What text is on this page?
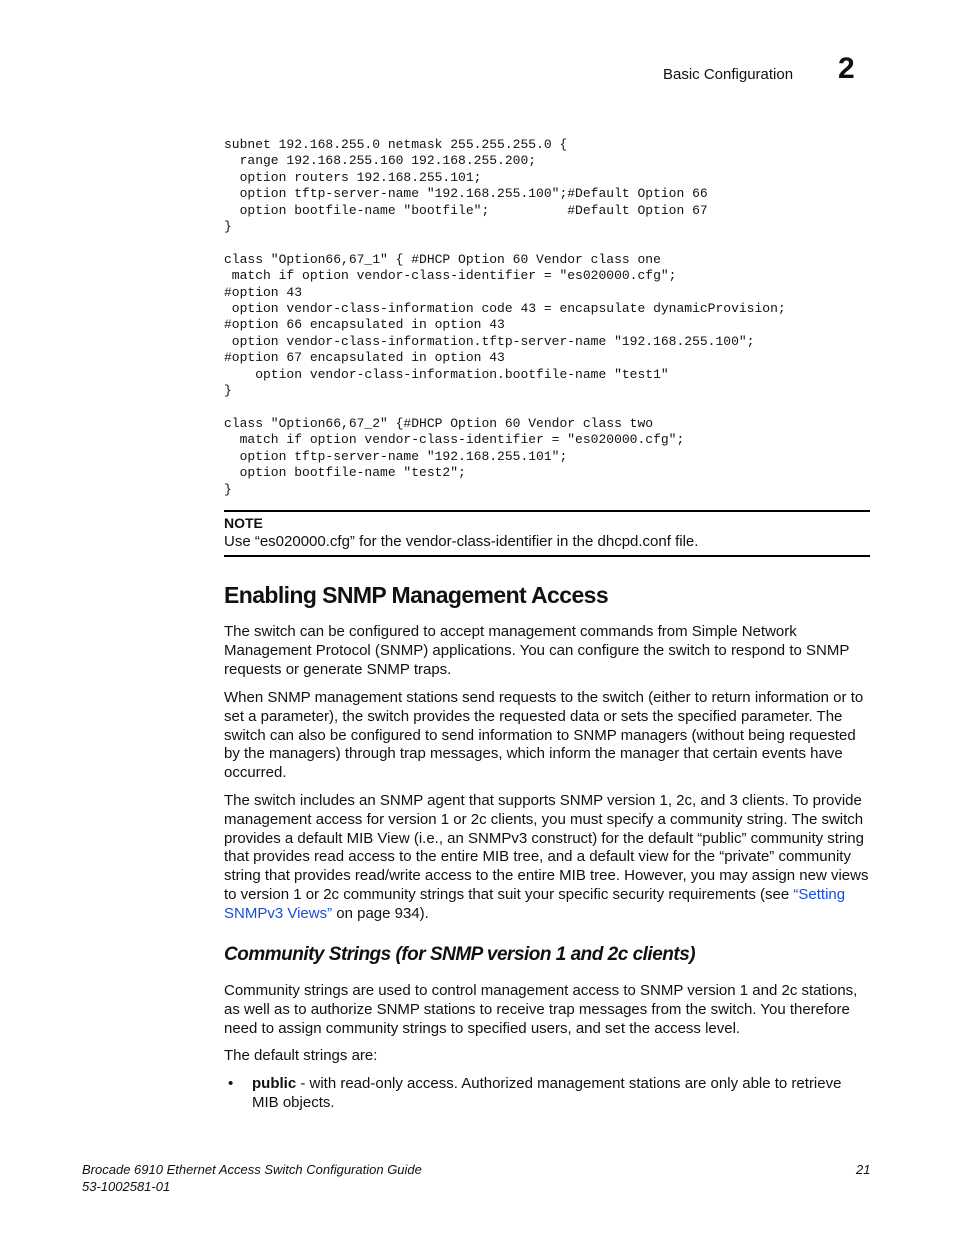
Basic Configuration 2
subnet 192.168.255.0 netmask 255.255.255.0 {
range 192.168.255.160 192.168.255.200;
option routers 192.168.255.101;
option tftp-server-name "192.168.255.100";#Default Option 66
option bootfile-name "bootfile";          #Default Option 67
}

class "Option66,67_1" { #DHCP Option 60 Vendor class one
match if option vendor-class-identifier = "es020000.cfg";
#option 43
option vendor-class-information code 43 = encapsulate dynamicProvision;
#option 66 encapsulated in option 43
option vendor-class-information.tftp-server-name "192.168.255.100";
#option 67 encapsulated in option 43
option vendor-class-information.bootfile-name "test1"
}

class "Option66,67_2" {#DHCP Option 60 Vendor class two
match if option vendor-class-identifier = "es020000.cfg";
option tftp-server-name "192.168.255.101";
option bootfile-name "test2";
}
NOTE
Use “es020000.cfg” for the vendor-class-identifier in the dhcpd.conf file.
Enabling SNMP Management Access

The switch can be configured to accept management commands from Simple Network Management Protocol (SNMP) applications. You can configure the switch to respond to SNMP requests or generate SNMP traps.

When SNMP management stations send requests to the switch (either to return information or to set a parameter), the switch provides the requested data or sets the specified parameter. The switch can also be configured to send information to SNMP managers (without being requested by the managers) through trap messages, which inform the manager that certain events have occurred.

The switch includes an SNMP agent that supports SNMP version 1, 2c, and 3 clients. To provide management access for version 1 or 2c clients, you must specify a community string. The switch provides a default MIB View (i.e., an SNMPv3 construct) for the default “public” community string that provides read access to the entire MIB tree, and a default view for the “private” community string that provides read/write access to the entire MIB tree. However, you may assign new views to version 1 or 2c community strings that suit your specific security requirements (see “Setting SNMPv3 Views” on page 934).

Community Strings (for SNMP version 1 and 2c clients)

Community strings are used to control management access to SNMP version 1 and 2c stations, as well as to authorize SNMP stations to receive trap messages from the switch. You therefore need to assign community strings to specified users, and set the access level.

The default strings are:

• public - with read-only access. Authorized management stations are only able to retrieve MIB objects.

Brocade 6910 Ethernet Access Switch Configuration Guide
53-1002581-01
21
